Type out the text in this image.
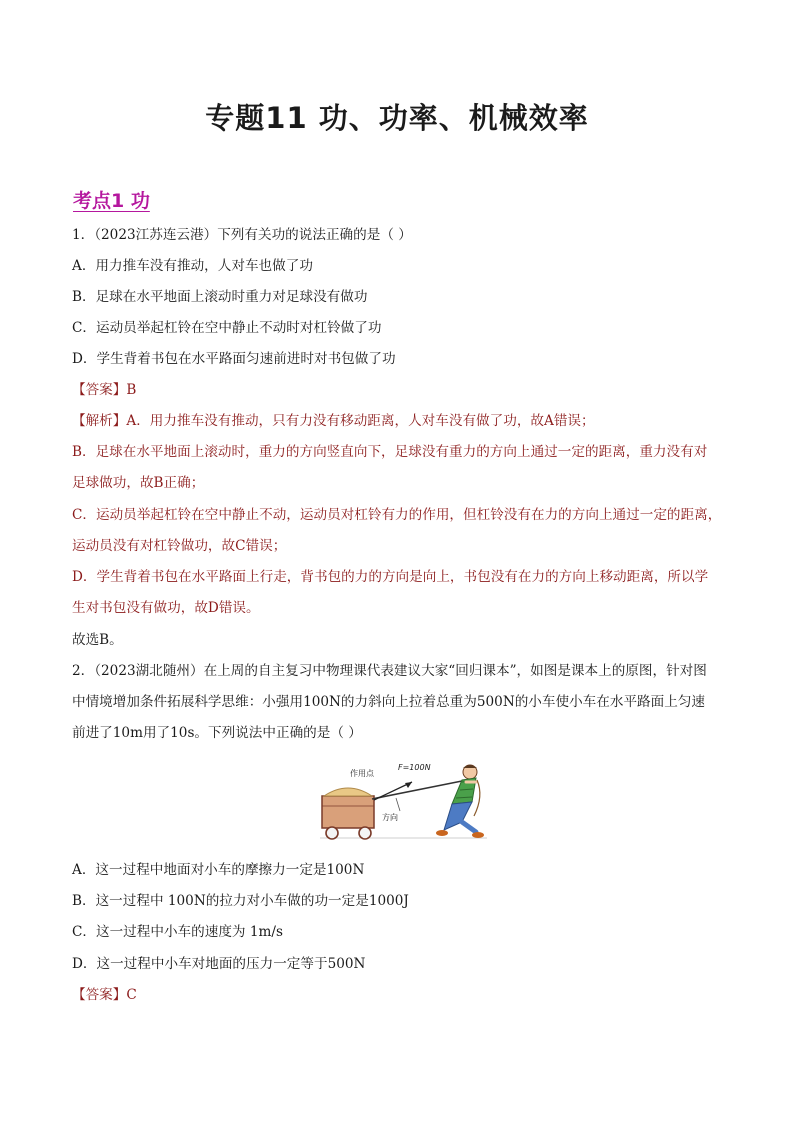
专题11 功、功率、机械效率
考点1 功
1．（2023江苏连云港）下列有关功的说法正确的是（ ）
A．用力推车没有推动，人对车也做了功
B．足球在水平地面上滚动时重力对足球没有做功
C．运动员举起杠铃在空中静止不动时对杠铃做了功
D．学生背着书包在水平路面匀速前进时对书包做了功
【答案】B
【解析】A．用力推车没有推动，只有力没有移动距离，人对车没有做了功，故A错误；
B．足球在水平地面上滚动时，重力的方向竖直向下，足球没有重力的方向上通过一定的距离，重力没有对
足球做功，故B正确；
C．运动员举起杠铃在空中静止不动，运动员对杠铃有力的作用，但杠铃没有在力的方向上通过一定的距离，
运动员没有对杠铃做功，故C错误；
D．学生背着书包在水平路面上行走，背书包的力的方向是向上，书包没有在力的方向上移动距离，所以学
生对书包没有做功，故D错误。
故选B。
2．（2023湖北随州）在上周的自主复习中物理课代表建议大家“回归课本”，如图是课本上的原图，针对图
中情境增加条件拓展科学思维：小强用100N的力斜向上拉着总重为500N的小车使小车在水平路面上匀速
前进了10m用了10s。下列说法中正确的是（ ）
作用点
F=100N
方向
A．这一过程中地面对小车的摩擦力一定是100N
B．这一过程中 100N的拉力对小车做的功一定是1000J
C．这一过程中小车的速度为 1m/s
D．这一过程中小车对地面的压力一定等于500N
【答案】C
